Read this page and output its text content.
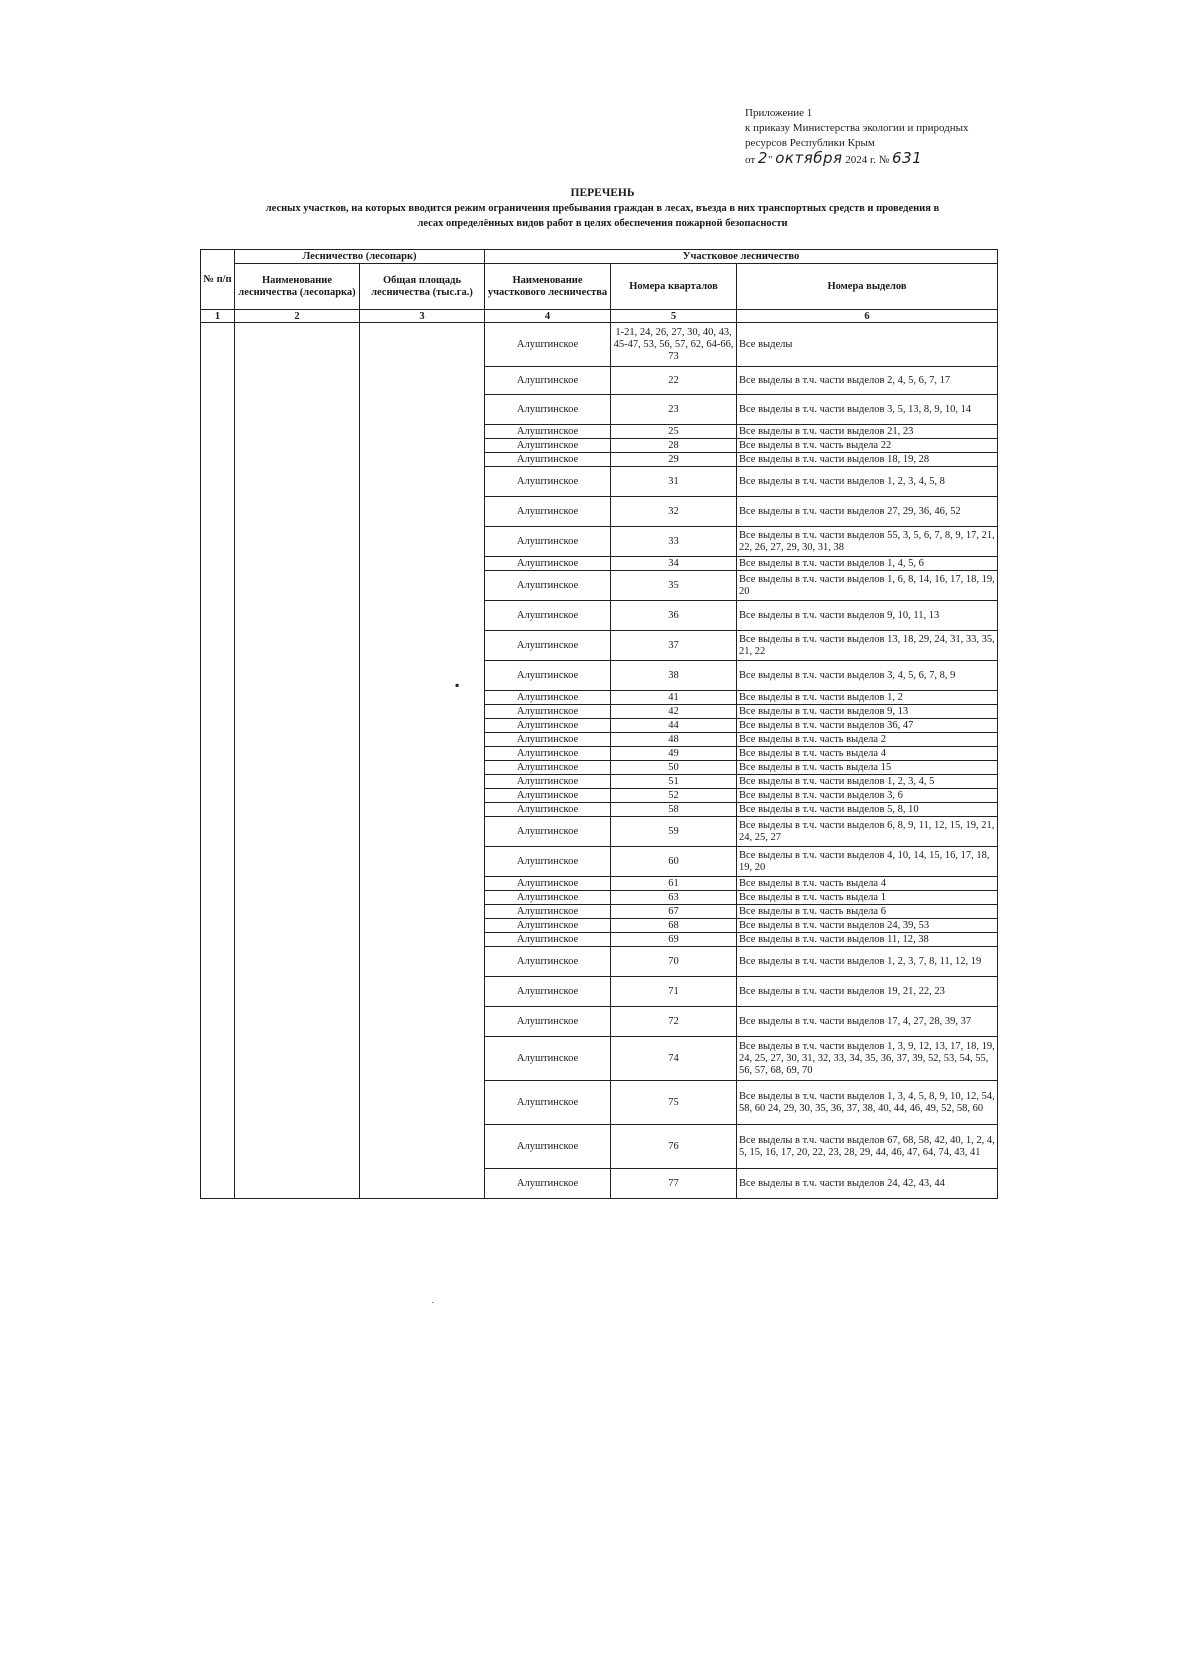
Приложение 1
к приказу Министерства экологии и природных
ресурсов Республики Крым
от 2" октября 2024 г. № 631
ПЕРЕЧЕНЬ
лесных участков, на которых вводится режим ограничения пребывания граждан в лесах, въезда в них транспортных средств и проведения в
лесах определённых видов работ в целях обеспечения пожарной безопасности
№ п/п	Лесничество (лесопарк)		Участковое лесничество		
	Наименование лесничества (лесопарка)	Общая площадь лесничества (тыс.га.)	Наименование участкового лесничества	Номера кварталов	Номера выделов
1	2	3	4	5	6
			Алуштинское	1-21, 24, 26, 27, 30, 40, 43, 45-47, 53, 56, 57, 62, 64-66, 73	Все выделы
			Алуштинское	22	Все выделы в т.ч. части выделов 2, 4, 5, 6, 7, 17
			Алуштинское	23	Все выделы в т.ч. части выделов 3, 5, 13, 8, 9, 10, 14
			Алуштинское	25	Все выделы в т.ч. части выделов 21, 23
			Алуштинское	28	Все выделы в т.ч. часть выдела 22
			Алуштинское	29	Все выделы в т.ч. части выделов 18, 19, 28
			Алуштинское	31	Все выделы в т.ч. части выделов 1, 2, 3, 4, 5, 8
			Алуштинское	32	Все выделы в т.ч. части выделов 27, 29, 36, 46, 52
			Алуштинское	33	Все выделы в т.ч. части выделов 55, 3, 5, 6, 7, 8, 9, 17, 21, 22, 26, 27, 29, 30, 31, 38
			Алуштинское	34	Все выделы в т.ч. части выделов 1, 4, 5, 6
			Алуштинское	35	Все выделы в т.ч. части выделов 1, 6, 8, 14, 16, 17, 18, 19, 20
			Алуштинское	36	Все выделы в т.ч. части выделов 9, 10, 11, 13
			Алуштинское	37	Все выделы в т.ч. части выделов 13, 18, 29, 24, 31, 33, 35, 21, 22
			Алуштинское	38	Все выделы в т.ч. части выделов 3, 4, 5, 6, 7, 8, 9
			Алуштинское	41	Все выделы в т.ч. части выделов 1, 2
			Алуштинское	42	Все выделы в т.ч. части выделов 9, 13
			Алуштинское	44	Все выделы в т.ч. части выделов 36, 47
			Алуштинское	48	Все выделы в т.ч. часть выдела 2
			Алуштинское	49	Все выделы в т.ч. часть выдела 4
			Алуштинское	50	Все выделы в т.ч. часть выдела 15
			Алуштинское	51	Все выделы в т.ч. части выделов 1, 2, 3, 4, 5
			Алуштинское	52	Все выделы в т.ч. части выделов 3, 6
			Алуштинское	58	Все выделы в т.ч. части выделов 5, 8, 10
			Алуштинское	59	Все выделы в т.ч. части выделов 6, 8, 9, 11, 12, 15, 19, 21, 24, 25, 27
			Алуштинское	60	Все выделы в т.ч. части выделов 4, 10, 14, 15, 16, 17, 18, 19, 20
			Алуштинское	61	Все выделы в т.ч. часть выдела 4
			Алуштинское	63	Все выделы в т.ч. часть выдела 1
			Алуштинское	67	Все выделы в т.ч. часть выдела 6
			Алуштинское	68	Все выделы в т.ч. части выделов 24, 39, 53
			Алуштинское	69	Все выделы в т.ч. части выделов 11, 12, 38
			Алуштинское	70	Все выделы в т.ч. части выделов 1, 2, 3, 7, 8, 11, 12, 19
			Алуштинское	71	Все выделы в т.ч. части выделов 19, 21, 22, 23
			Алуштинское	72	Все выделы в т.ч. части выделов 17, 4, 27, 28, 39, 37
			Алуштинское	74	Все выделы в т.ч. части выделов 1, 3, 9, 12, 13, 17, 18, 19, 24, 25, 27, 30, 31, 32, 33, 34, 35, 36, 37, 39, 52, 53, 54, 55, 56, 57, 68, 69, 70
			Алуштинское	75	Все выделы в т.ч. части выделов 1, 3, 4, 5, 8, 9, 10, 12, 54, 58, 60 24, 29, 30, 35, 36, 37, 38, 40, 44, 46, 49, 52, 58, 60
			Алуштинское	76	Все выделы в т.ч. части выделов 67, 68, 58, 42, 40, 1, 2, 4, 5, 15, 16, 17, 20, 22, 23, 28, 29, 44, 46, 47, 64, 74, 43, 41
			Алуштинское	77	Все выделы в т.ч. части выделов 24, 42, 43, 44
▪
